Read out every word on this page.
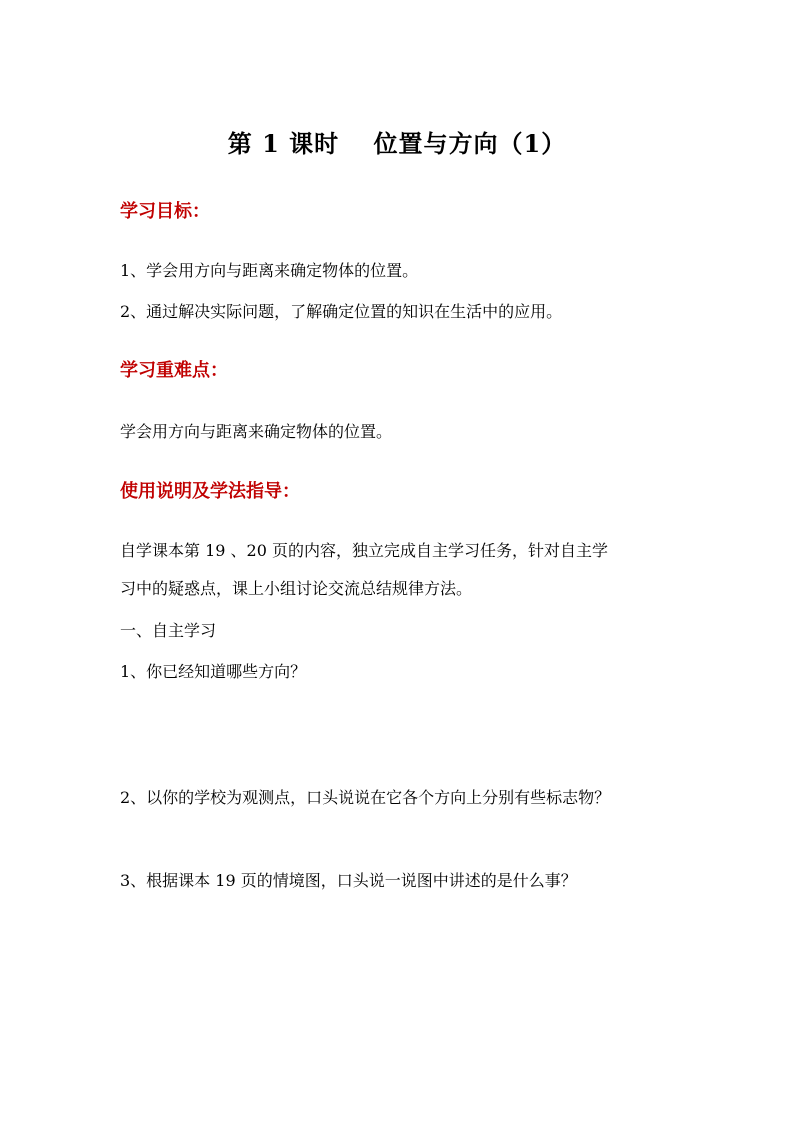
第 1 课时　 位置与方向（1）
学习目标：
1、学会用方向与距离来确定物体的位置。
2、通过解决实际问题，了解确定位置的知识在生活中的应用。
学习重难点：
学会用方向与距离来确定物体的位置。
使用说明及学法指导：
自学课本第 19 、20 页的内容，独立完成自主学习任务，针对自主学
习中的疑惑点，课上小组讨论交流总结规律方法。
一、自主学习
1、你已经知道哪些方向？
2、以你的学校为观测点，口头说说在它各个方向上分别有些标志物？
3、根据课本 19 页的情境图，口头说一说图中讲述的是什么事？
